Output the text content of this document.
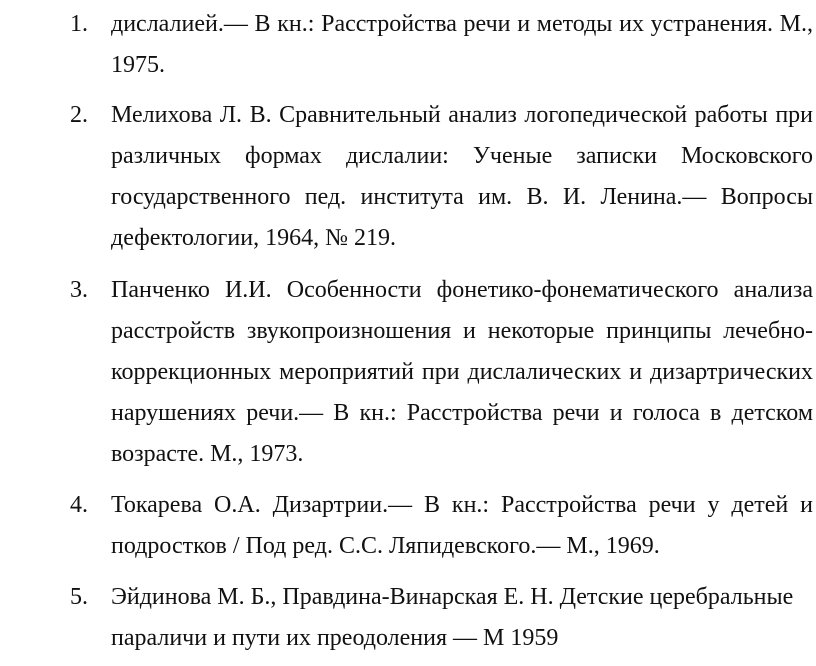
1. дислалией.— В кн.: Расстройства речи и методы их устранения. М., 1975.
2. Мелихова Л. В. Сравнительный анализ логопедической работы при различных формах дислалии: Ученые записки Московского государственного пед. института им. В. И. Ленина.— Вопросы дефектологии, 1964, № 219.
3. Панченко И.И. Особенности фонетико-фонематического анализа расстройств звукопроизношения и некоторые принципы лечебно-коррекционных мероприятий при дислалических и дизартрических нарушениях речи.— В кн.: Расстройства речи и голоса в детском возрасте. М., 1973.
4. Токарева О.А. Дизартрии.— В кн.: Расстройства речи у детей и подростков / Под ред. С.С. Ляпидевского.— М., 1969.
5. Эйдинова М. Б., Правдина-Винарская Е. Н. Детские церебральные параличи и пути их преодоления — М 1959
